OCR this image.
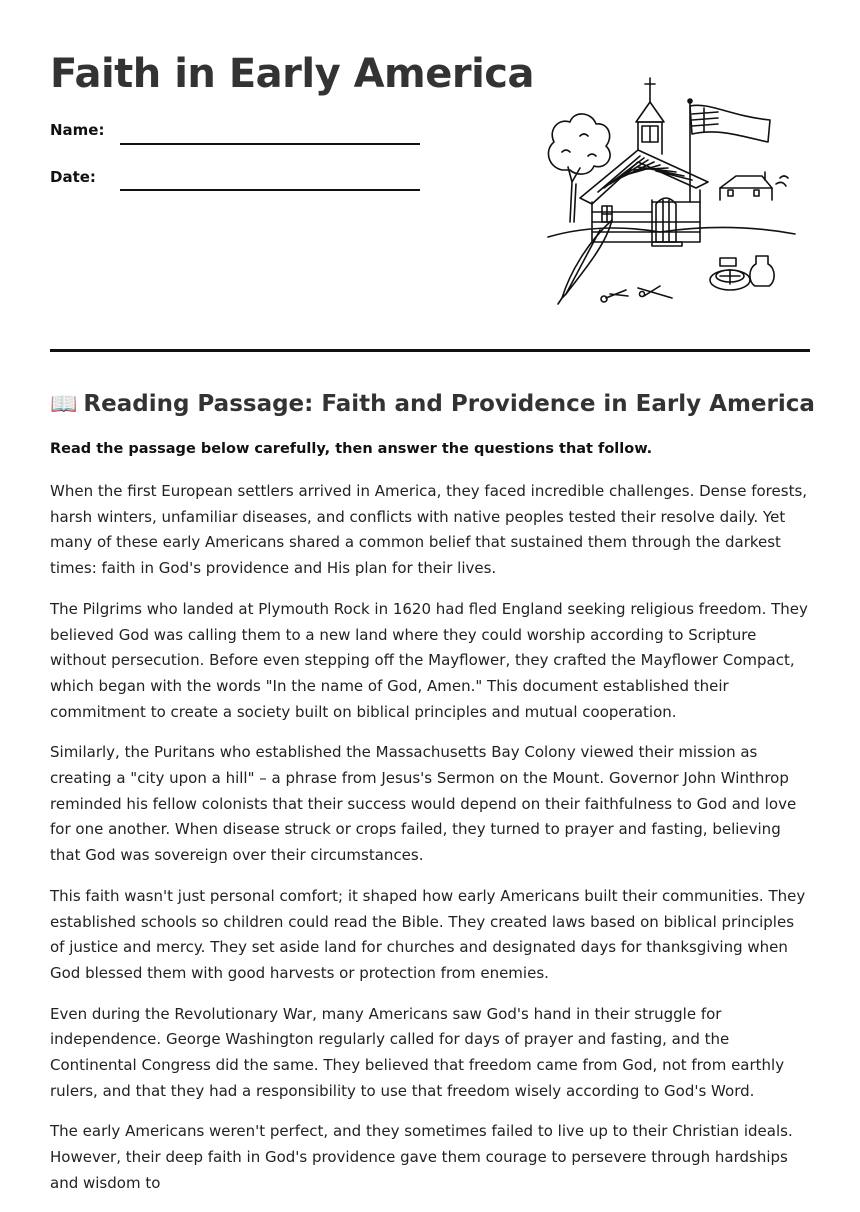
Faith in Early America
Name:
Date:
📖 Reading Passage: Faith and Providence in Early America

Read the passage below carefully, then answer the questions that follow.

When the first European settlers arrived in America, they faced incredible challenges. Dense forests, harsh winters, unfamiliar diseases, and conflicts with native peoples tested their resolve daily. Yet many of these early Americans shared a common belief that sustained them through the darkest times: faith in God's providence and His plan for their lives.

The Pilgrims who landed at Plymouth Rock in 1620 had fled England seeking religious freedom. They believed God was calling them to a new land where they could worship according to Scripture without persecution. Before even stepping off the Mayflower, they crafted the Mayflower Compact, which began with the words "In the name of God, Amen." This document established their commitment to create a society built on biblical principles and mutual cooperation.

Similarly, the Puritans who established the Massachusetts Bay Colony viewed their mission as creating a "city upon a hill" – a phrase from Jesus's Sermon on the Mount. Governor John Winthrop reminded his fellow colonists that their success would depend on their faithfulness to God and love for one another. When disease struck or crops failed, they turned to prayer and fasting, believing that God was sovereign over their circumstances.

This faith wasn't just personal comfort; it shaped how early Americans built their communities. They established schools so children could read the Bible. They created laws based on biblical principles of justice and mercy. They set aside land for churches and designated days for thanksgiving when God blessed them with good harvests or protection from enemies.

Even during the Revolutionary War, many Americans saw God's hand in their struggle for independence. George Washington regularly called for days of prayer and fasting, and the Continental Congress did the same. They believed that freedom came from God, not from earthly rulers, and that they had a responsibility to use that freedom wisely according to God's Word.

The early Americans weren't perfect, and they sometimes failed to live up to their Christian ideals. However, their deep faith in God's providence gave them courage to persevere through hardships and wisdom to
